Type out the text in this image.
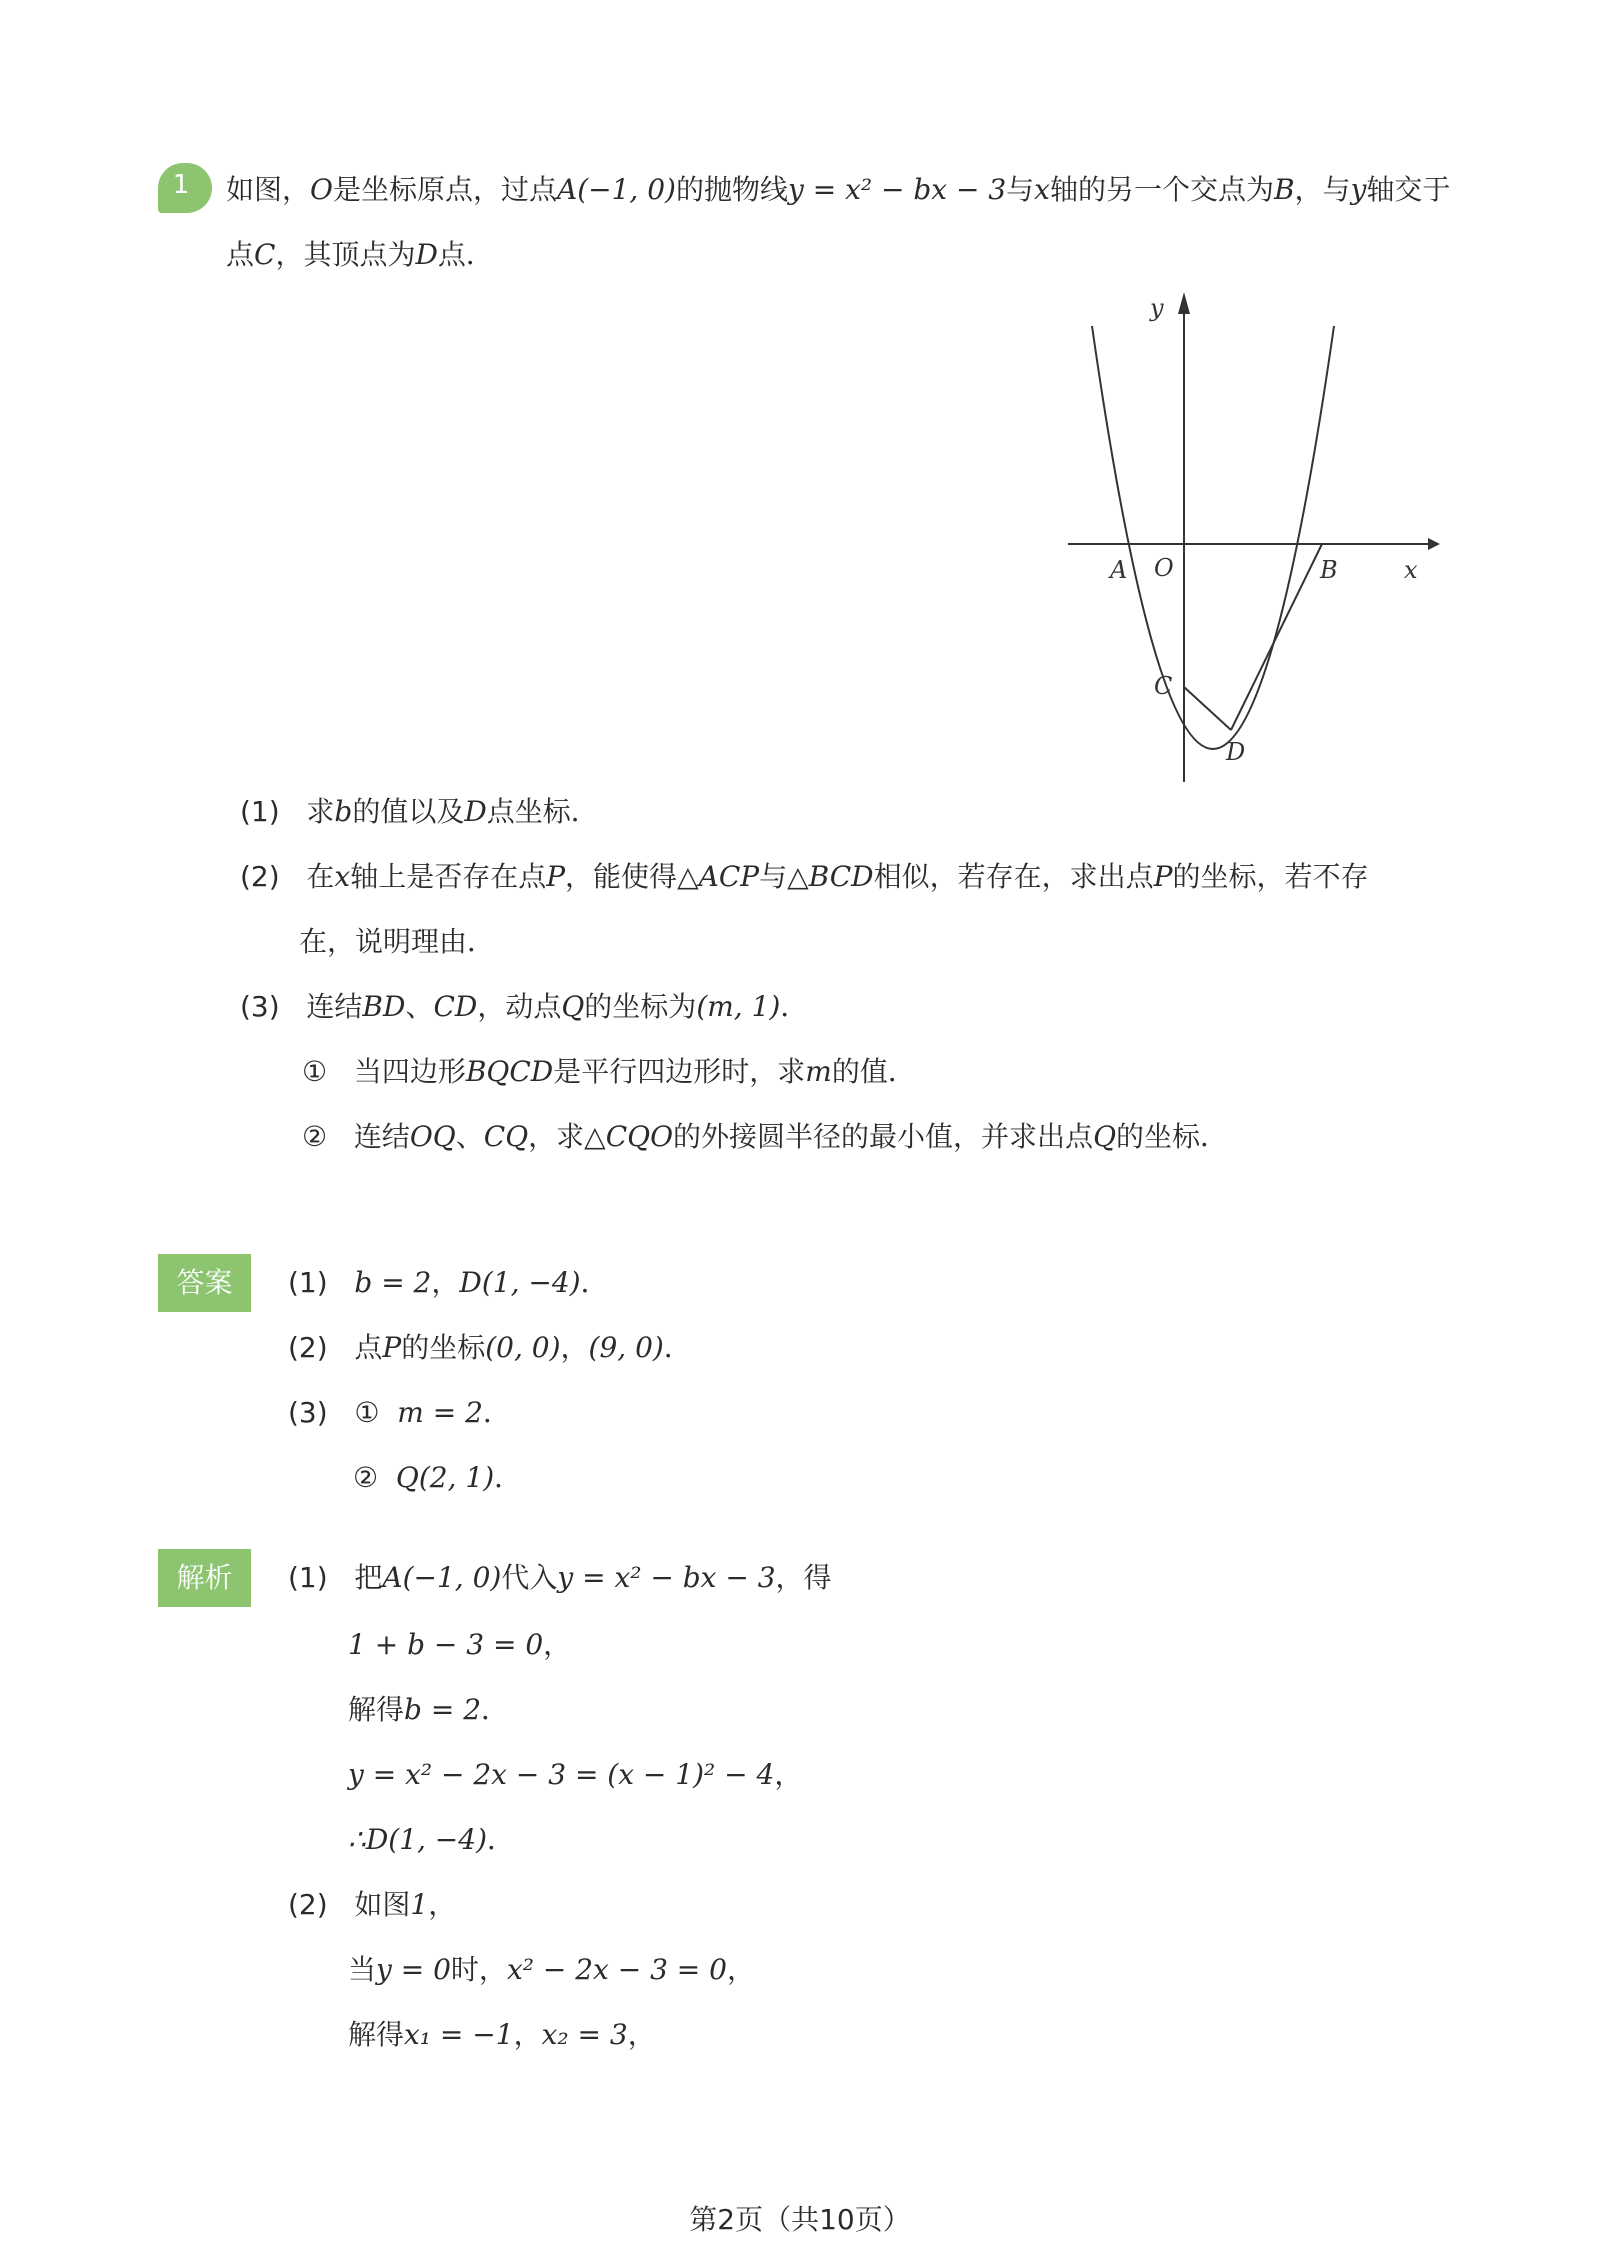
1	如图，O是坐标原点，过点A(−1, 0)的抛物线y = x² − bx − 3与x轴的另一个交点为B，与y轴交于
点C，其顶点为D点．
y
x
A O	B
C
D
(1) 求b的值以及D点坐标．
(2) 在x轴上是否存在点P，能使得△ACP与△BCD相似，若存在，求出点P的坐标，若不存
在，说明理由．
(3) 连结BD、CD，动点Q的坐标为(m, 1)．
① 当四边形BQCD是平行四边形时，求m的值．
② 连结OQ、CQ，求△CQO的外接圆半径的最小值，并求出点Q的坐标．
答案	(1) b = 2，D(1, −4)．
(2) 点P的坐标(0, 0)，(9, 0)．
(3) ① m = 2．
② Q(2, 1)．
解析	(1) 把A(−1, 0)代入y = x² − bx − 3，得
1 + b − 3 = 0，
解得b = 2．
y = x² − 2x − 3 = (x − 1)² − 4，
∴D(1, −4)．
(2) 如图1，
当y = 0时，x² − 2x − 3 = 0，
解得x₁ = −1，x₂ = 3，
第2页（共10页）
